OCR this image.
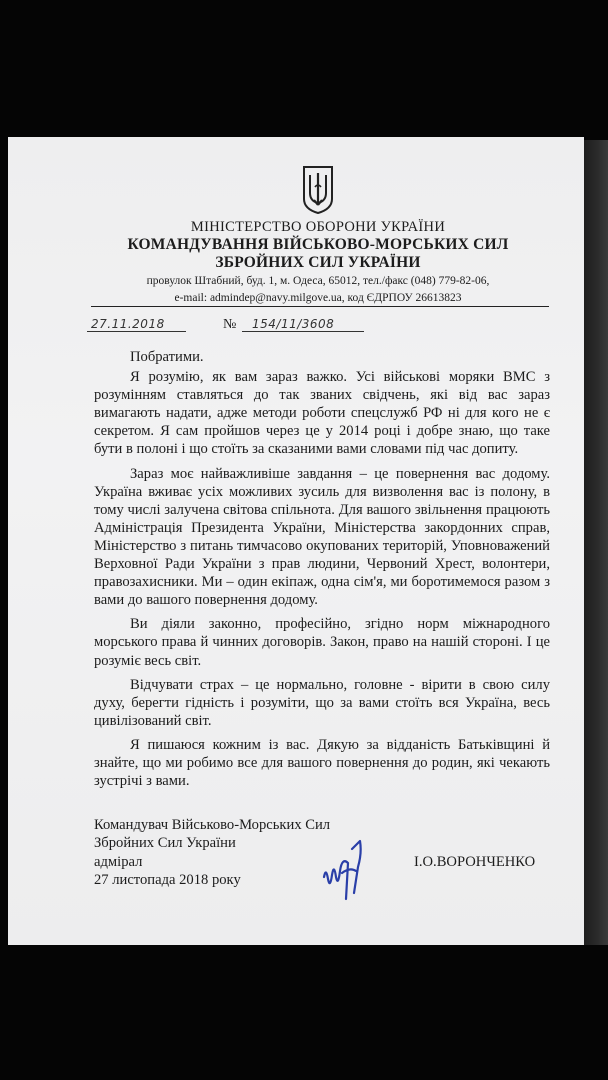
МІНІСТЕРСТВО ОБОРОНИ УКРАЇНИ
КОМАНДУВАННЯ ВІЙСЬКОВО-МОРСЬКИХ СИЛ
ЗБРОЙНИХ СИЛ УКРАЇНИ
провулок Штабний, буд. 1, м. Одеса, 65012, тел./факс (048) 779-82-06,
e-mail: admindep@navy.milgove.ua, код ЄДРПОУ 26613823
27.11.2018	№	154/11/3608

Побратими.

Я розумію, як вам зараз важко. Усі військові моряки ВМС з розумінням ставляться до так званих свідчень, які від вас зараз вимагають надати, адже методи роботи спецслужб РФ ні для кого не є секретом. Я сам пройшов через це у 2014 році і добре знаю, що таке бути в полоні і що стоїть за сказаними вами словами під час допиту.

Зараз моє найважливіше завдання – це повернення вас додому. Україна вживає усіх можливих зусиль для визволення вас із полону, в тому числі залучена світова спільнота. Для вашого звільнення працюють Адміністрація Президента України, Міністерства закордонних справ, Міністерство з питань тимчасово окупованих територій, Уповноважений Верховної Ради України з прав людини, Червоний Хрест, волонтери, правозахисники. Ми – один екіпаж, одна сім'я, ми боротимемося разом з вами до вашого повернення додому.

Ви діяли законно, професійно, згідно норм міжнародного морського права й чинних договорів. Закон, право на нашій стороні. І це розуміє весь світ.

Відчувати страх – це нормально, головне - вірити в свою силу духу, берегти гідність і розуміти, що за вами стоїть вся Україна, весь цивілізований світ.

Я пишаюся кожним із вас. Дякую за відданість Батьківщині й знайте, що ми робимо все для вашого повернення до родин, які чекають зустрічі з вами.

Командувач Військово-Морських Сил
Збройних Сил України
адмірал
27 листопада 2018 року
І.О.ВОРОНЧЕНКО
